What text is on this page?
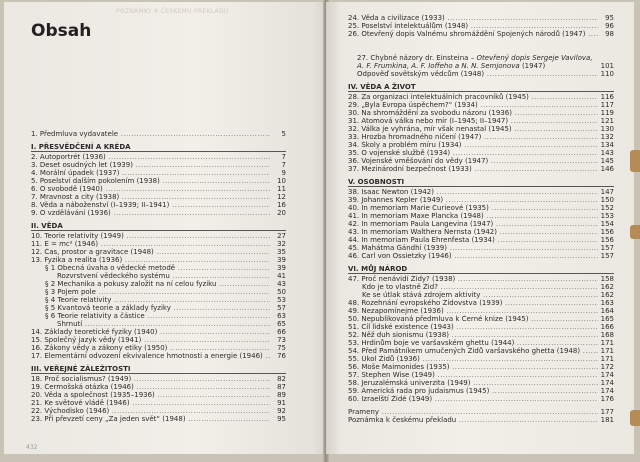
POZNÁMKY K ČESKÉMU PŘEKLADU
Obsah
1. Předmluva vydavatele .....	5
I. PŘESVĚDČENÍ A KRÉDA
2. Autoportrét (1936) .....	7
3. Deset osudných let (1939) .....	7
4. Morální úpadek (1937) .....	9
5. Poselství dalším pokolením (1938) .....	10
6. O svobodě (1940) .....	11
7. Mravnost a city (1938) .....	12
8. Věda a náboženství (I–1939; II–1941) .....	16
9. O vzdělávání (1936) .....	20
II. VĚDA
10. Teorie relativity (1949) .....	27
11. E = mc² (1946) .....	32
12. Čas, prostor a gravitace (1948) .....	35
13. Fyzika a realita (1936) .....	39
§ 1 Obecná úvaha o vědecké metodě .....	39
Rozvrstvení vědeckého systému .....	41
§ 2 Mechanika a pokusy založit na ní celou fyziku .....	43
§ 3 Pojem pole .....	50
§ 4 Teorie relativity .....	53
§ 5 Kvantová teorie a základy fyziky .....	57
§ 6 Teorie relativity a částice .....	63
Shrnutí .....	65
14. Základy teoretické fyziky (1940) .....	66
15. Společný jazyk vědy (1941) .....	73
16. Zákony vědy a zákony etiky (1950) .....	75
17. Elementární odvození ekvivalence hmotnosti a energie (1946) .....	76
III. VEŘEJNÉ ZÁLEŽITOSTI
18. Proč socialismus? (1949) .....	82
19. Čermošská otázka (1946) .....	87
20. Věda a společnost (1935–1936) .....	89
21. Ke světové vládě (1946) .....	91
22. Východisko (1946) .....	92
23. Při převzetí ceny „Za jeden svět“ (1948) .....	95
432
24. Věda a civilizace (1933) .....	95
25. Poselství intelektuálům (1948) .....	96
26. Otevřený dopis Valnému shromáždění Spojených národů (1947) .....	98
27. Chybné názory dr. Einsteina – Otevřený dopis Sergeje Vavilova, A. F. Frumkina, A. F. Ioffeho a N. N. Semjonova (1947)	101
Odpověď sovětským vědcům (1948) .....	110
IV. VĚDA A ŽIVOT
28. Za organizaci intelektuálních pracovníků (1945) .....	116
29. „Byla Evropa úspěchem?“ (1934) .....	117
30. Na shromáždění za svobodu názoru (1936) .....	119
31. Atomová válka nebo mír (I–1945; II–1947) .....	121
32. Válka je vyhrána, mír však nenastal (1945) .....	130
33. Hrozba hromadného ničení (1947) .....	132
34. Školy a problém míru (1934) .....	134
35. O vojenské službě (1934) .....	143
36. Vojenské vměšování do vědy (1947) .....	145
37. Mezinárodní bezpečnost (1933) .....	146
V. OSOBNOSTI
38. Isaac Newton (1942) .....	147
39. Johannes Kepler (1949) .....	150
40. In memoriam Marie Curieové (1935) .....	152
41. In memoriam Maxe Plancka (1948) .....	153
42. In memoriam Paula Langevina (1947) .....	154
43. In memoriam Walthera Nernsta (1942) .....	156
44. In memoriam Paula Ehrenfesta (1934) .....	156
45. Mahátma Gándhí (1939) .....	157
46. Carl von Ossietzky (1946) .....	157
VI. MŮJ NÁROD
47. Proč nenávidí Židy? (1938) .....	158
Kdo je to vlastně Žid? .....	162
Ke se útlak stává zdrojem aktivity .....	162
48. Rozehnání evropského Židovstva (1939) .....	163
49. Nezapomínejme (1936) .....	164
50. Nepublikovaná předmluva k Černé knize (1945) .....	165
51. Cíl lidské existence (1943) .....	166
52. Něž duh sionismu (1938) .....	168
53. Hrdinům boje ve varšavském ghettu (1944) .....	171
54. Před Památníkem umučených Židů varšavského ghetta (1948) .....	171
55. Úkol Židů (1936) .....	171
56. Moše Maimonides (1935) .....	172
57. Stephen Wise (1949) .....	174
58. Jeruzalémská univerzita (1949) .....	174
59. Americká rada pro judaismus (1945) .....	174
60. Izraelští Židé (1949) .....	176
Prameny .....	177
Poznámka k českému překladu .....	181
